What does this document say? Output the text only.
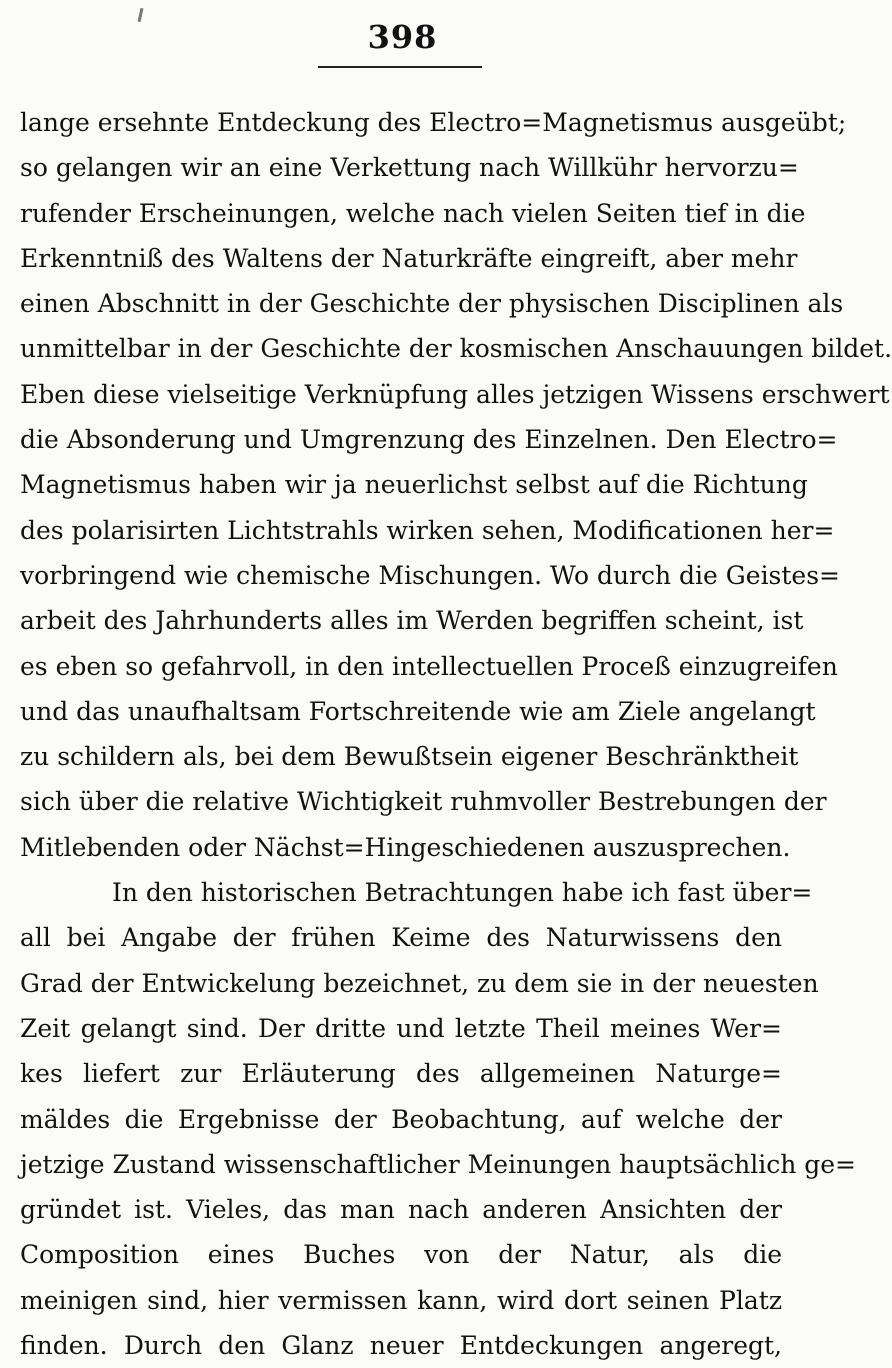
398
lange ersehnte Entdeckung des Electro=Magnetismus ausgeübt;
so gelangen wir an eine Verkettung nach Willkühr hervorzu=
rufender Erscheinungen, welche nach vielen Seiten tief in die
Erkenntniß des Waltens der Naturkräfte eingreift, aber mehr
einen Abschnitt in der Geschichte der physischen Disciplinen als
unmittelbar in der Geschichte der kosmischen Anschauungen bildet.
Eben diese vielseitige Verknüpfung alles jetzigen Wissens erschwert
die Absonderung und Umgrenzung des Einzelnen. Den Electro=
Magnetismus haben wir ja neuerlichst selbst auf die Richtung
des polarisirten Lichtstrahls wirken sehen, Modificationen her=
vorbringend wie chemische Mischungen. Wo durch die Geistes=
arbeit des Jahrhunderts alles im Werden begriffen scheint, ist
es eben so gefahrvoll, in den intellectuellen Proceß einzugreifen
und das unaufhaltsam Fortschreitende wie am Ziele angelangt
zu schildern als, bei dem Bewußtsein eigener Beschränktheit
sich über die relative Wichtigkeit ruhmvoller Bestrebungen der
Mitlebenden oder Nächst=Hingeschiedenen auszusprechen.
In den historischen Betrachtungen habe ich fast über=
all bei Angabe der frühen Keime des Naturwissens den
Grad der Entwickelung bezeichnet, zu dem sie in der neuesten
Zeit gelangt sind. Der dritte und letzte Theil meines Wer=
kes liefert zur Erläuterung des allgemeinen Naturge=
mäldes die Ergebnisse der Beobachtung, auf welche der
jetzige Zustand wissenschaftlicher Meinungen hauptsächlich ge=
gründet ist. Vieles, das man nach anderen Ansichten der
Composition eines Buches von der Natur, als die
meinigen sind, hier vermissen kann, wird dort seinen Platz
finden. Durch den Glanz neuer Entdeckungen angeregt,
